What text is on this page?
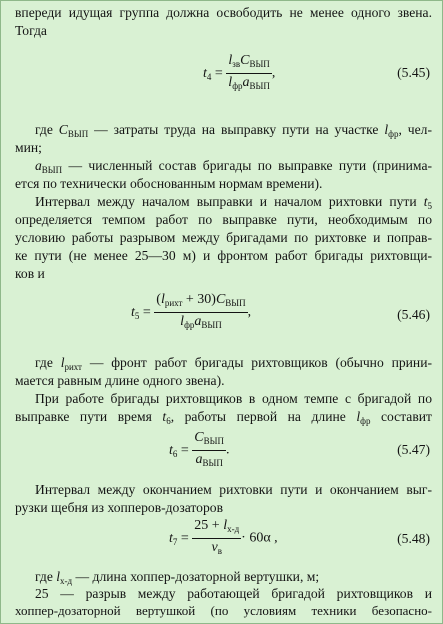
впереди идущая группа должна освободить не менее одного звена.
Тогда
$t_4 = \frac{l_{зв}C_{ВЫП}}{l_{фр}a_{ВЫП}}$ ,	(5.45)
где $C_{ВЫП}$ — затраты труда на выправку пути на участке $l_{фр}$, чел-
мин;
$a_{ВЫП}$ — численный состав бригады по выправке пути (принима-
ется по технически обоснованным нормам времени).
Интервал между началом выправки и началом рихтовки пути $t_5$
определяется темпом работ по выправке пути, необходимым по
условию работы разрывом между бригадами по рихтовке и поправ-
ке пути (не менее 25—30 м) и фронтом работ бригады рихтовщи-
ков и
$t_5 = \frac{(l_{рихт} + 30)C_{ВЫП}}{l_{фр}a_{ВЫП}}$ ,	(5.46)
где $l_{рихт}$ — фронт работ бригады рихтовщиков (обычно прини-
мается равным длине одного звена).
При работе бригады рихтовщиков в одном темпе с бригадой по
выправке пути время $t_6$, работы первой на длине $l_{фр}$ составит
$t_6 = \frac{C_{ВЫП}}{a_{ВЫП}}$ .	(5.47)
Интервал между окончанием рихтовки пути и окончанием выг-
рузки щебня из хопперов-дозаторов
$t_7 = \frac{25 + l_{х-д}}{v_в} \cdot 60\alpha$ ,	(5.48)
где $l_{х-д}$ — длина хоппер-дозаторной вертушки, м;
25 — разрыв между работающей бригадой рихтовщиков и
хоппер-дозаторной вертушкой (по условиям техники безопасно-
